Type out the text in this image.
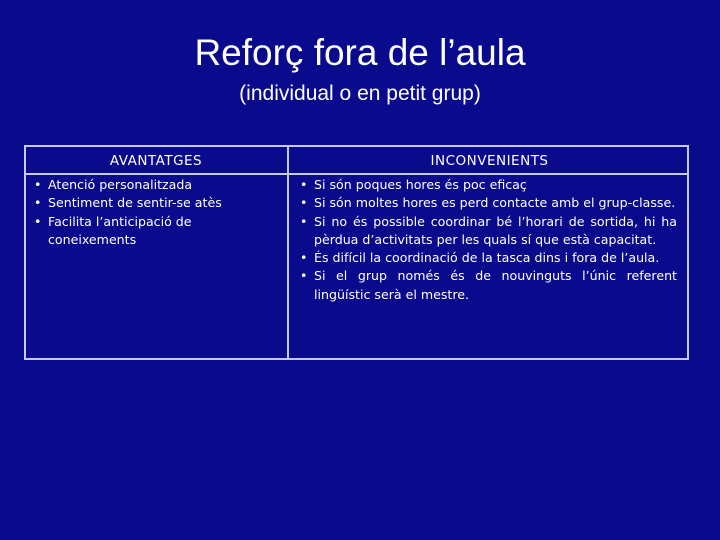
Reforç fora de l’aula
(individual o en petit grup)
AVANTATGES	INCONVENIENTS
• Atenció personalitzada
• Sentiment de sentir-se atès
• Facilita l’anticipació de coneixements
• Si són poques hores és poc eficaç
• Si són moltes hores es perd contacte amb el grup-classe.
• Si no és possible coordinar bé l’horari de sortida, hi ha pèrdua d’activitats per les quals sí que està capacitat.
• És difícil la coordinació de la tasca dins i fora de l’aula.
• Si el grup només és de nouvinguts l’únic referent lingüístic serà el mestre.
